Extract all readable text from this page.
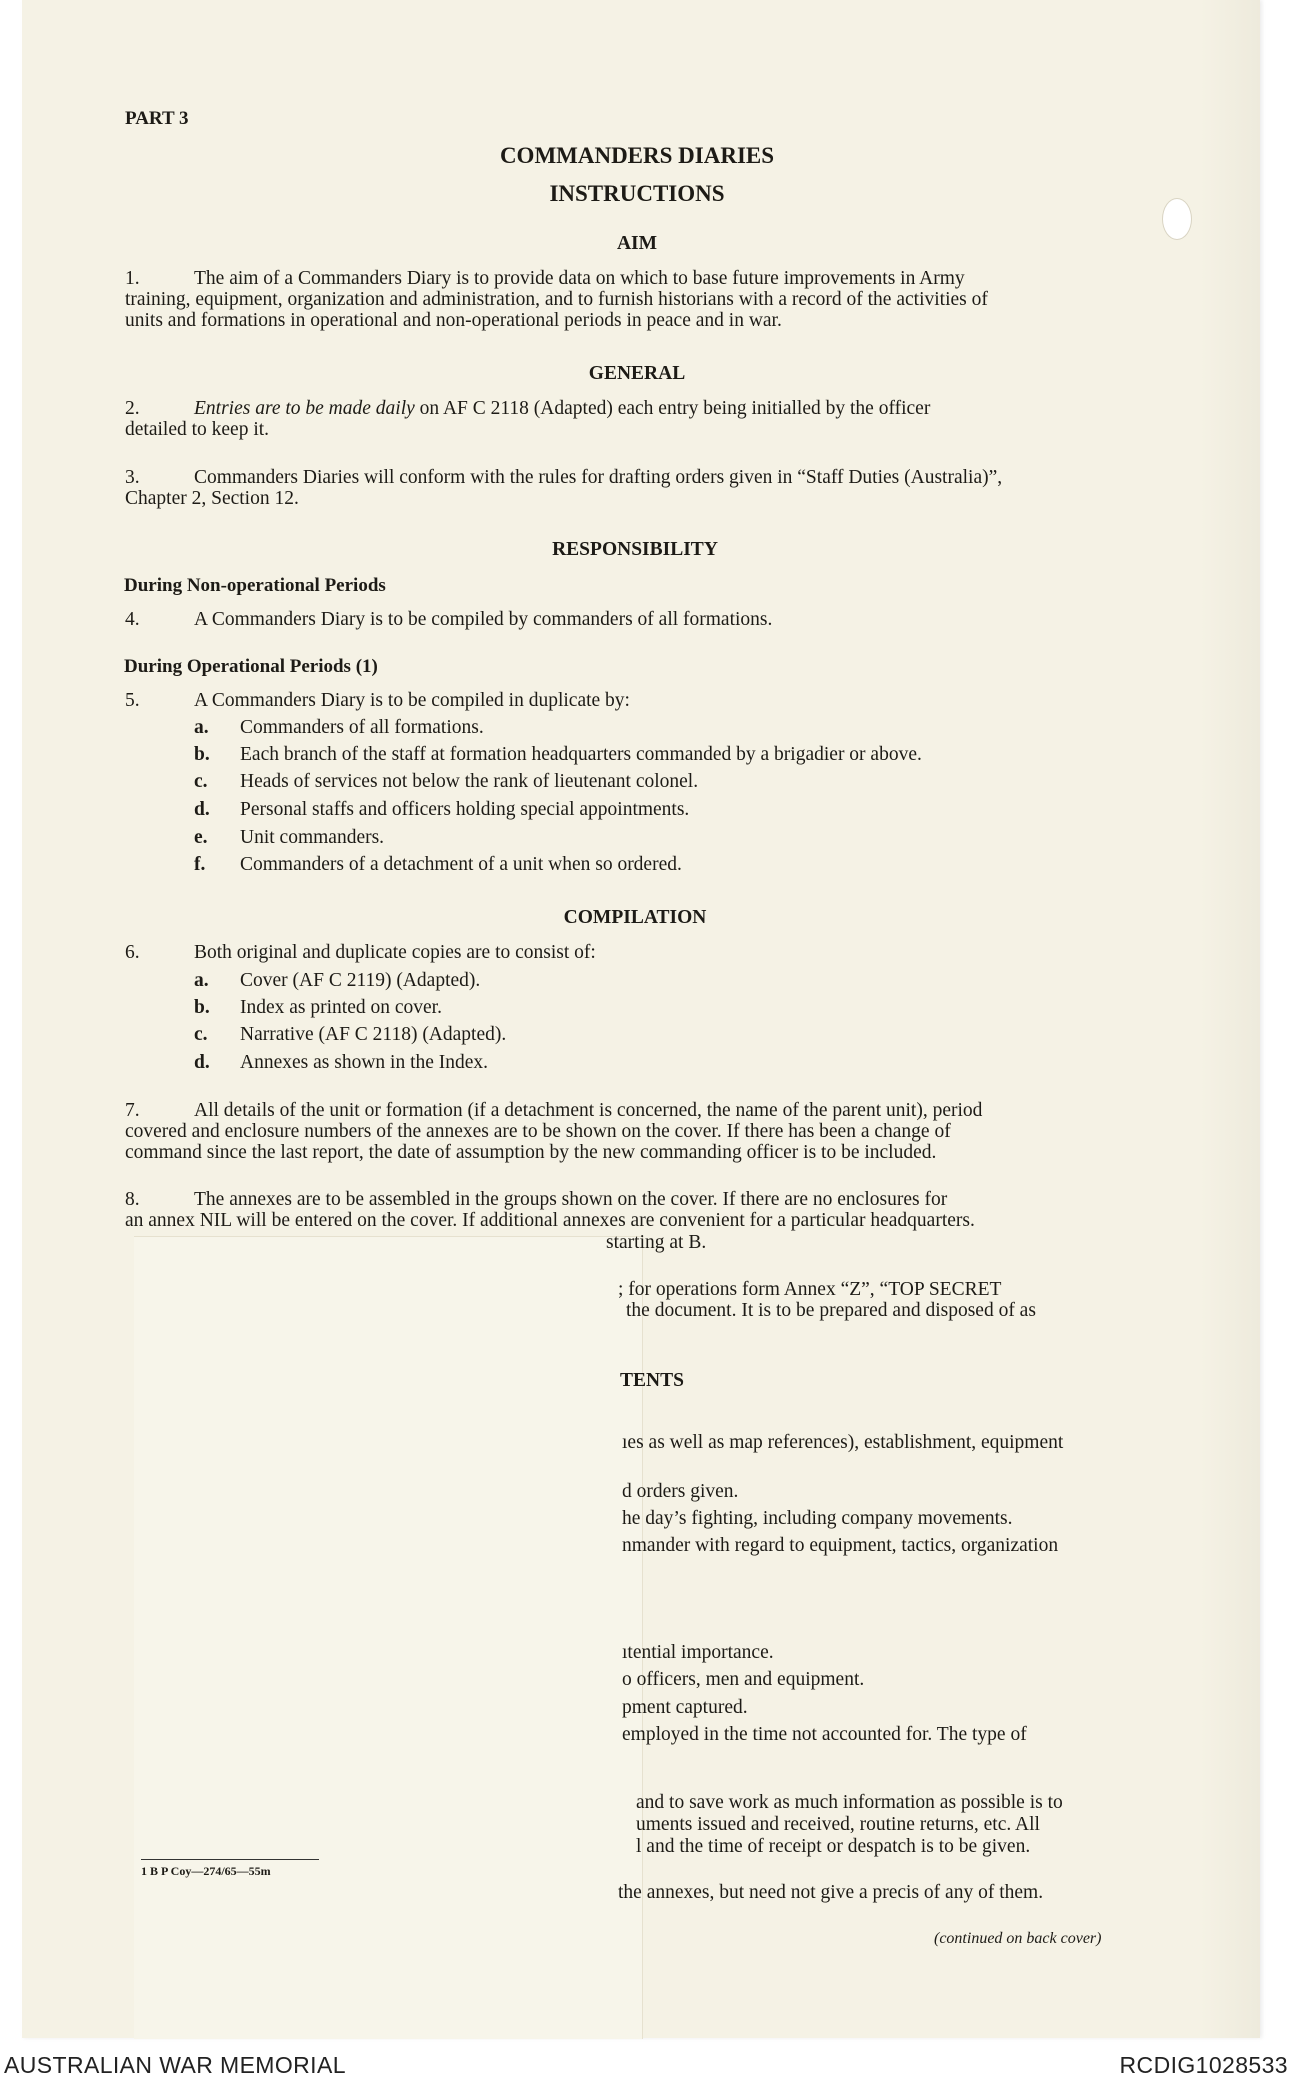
PART 3
COMMANDERS DIARIES
INSTRUCTIONS
AIM
1.	The aim of a Commanders Diary is to provide data on which to base future improvements in Army
training, equipment, organization and administration, and to furnish historians with a record of the activities of
units and formations in operational and non-operational periods in peace and in war.
GENERAL
2.	Entries are to be made daily on AF C 2118 (Adapted) each entry being initialled by the officer
detailed to keep it.
3.	Commanders Diaries will conform with the rules for drafting orders given in “Staff Duties (Australia)”,
Chapter 2, Section 12.
RESPONSIBILITY
During Non-operational Periods
4.	A Commanders Diary is to be compiled by commanders of all formations.
During Operational Periods (1)
5.	A Commanders Diary is to be compiled in duplicate by:
a. Commanders of all formations.
b. Each branch of the staff at formation headquarters commanded by a brigadier or above.
c. Heads of services not below the rank of lieutenant colonel.
d. Personal staffs and officers holding special appointments.
e. Unit commanders.
f. Commanders of a detachment of a unit when so ordered.
COMPILATION
6.	Both original and duplicate copies are to consist of:
a. Cover (AF C 2119) (Adapted).
b. Index as printed on cover.
c. Narrative (AF C 2118) (Adapted).
d. Annexes as shown in the Index.
7.	All details of the unit or formation (if a detachment is concerned, the name of the parent unit), period
covered and enclosure numbers of the annexes are to be shown on the cover. If there has been a change of
command since the last report, the date of assumption by the new commanding officer is to be included.
8.	The annexes are to be assembled in the groups shown on the cover. If there are no enclosures for
an annex NIL will be entered on the cover. If additional annexes are convenient for a particular headquarters.
starting at B.
; for operations form Annex “Z”, “TOP SECRET
the document. It is to be prepared and disposed of as
TENTS
ıes as well as map references), establishment, equipment
d orders given.
he day’s fighting, including company movements.
nmander with regard to equipment, tactics, organization
ıtential importance.
o officers, men and equipment.
pment captured.
employed in the time not accounted for. The type of
and to save work as much information as possible is to
uments issued and received, routine returns, etc. All
l and the time of receipt or despatch is to be given.
the annexes, but need not give a precis of any of them.
(continued on back cover)
1 B P Coy—274/65—55m
AUSTRALIAN WAR MEMORIAL	RCDIG1028533
